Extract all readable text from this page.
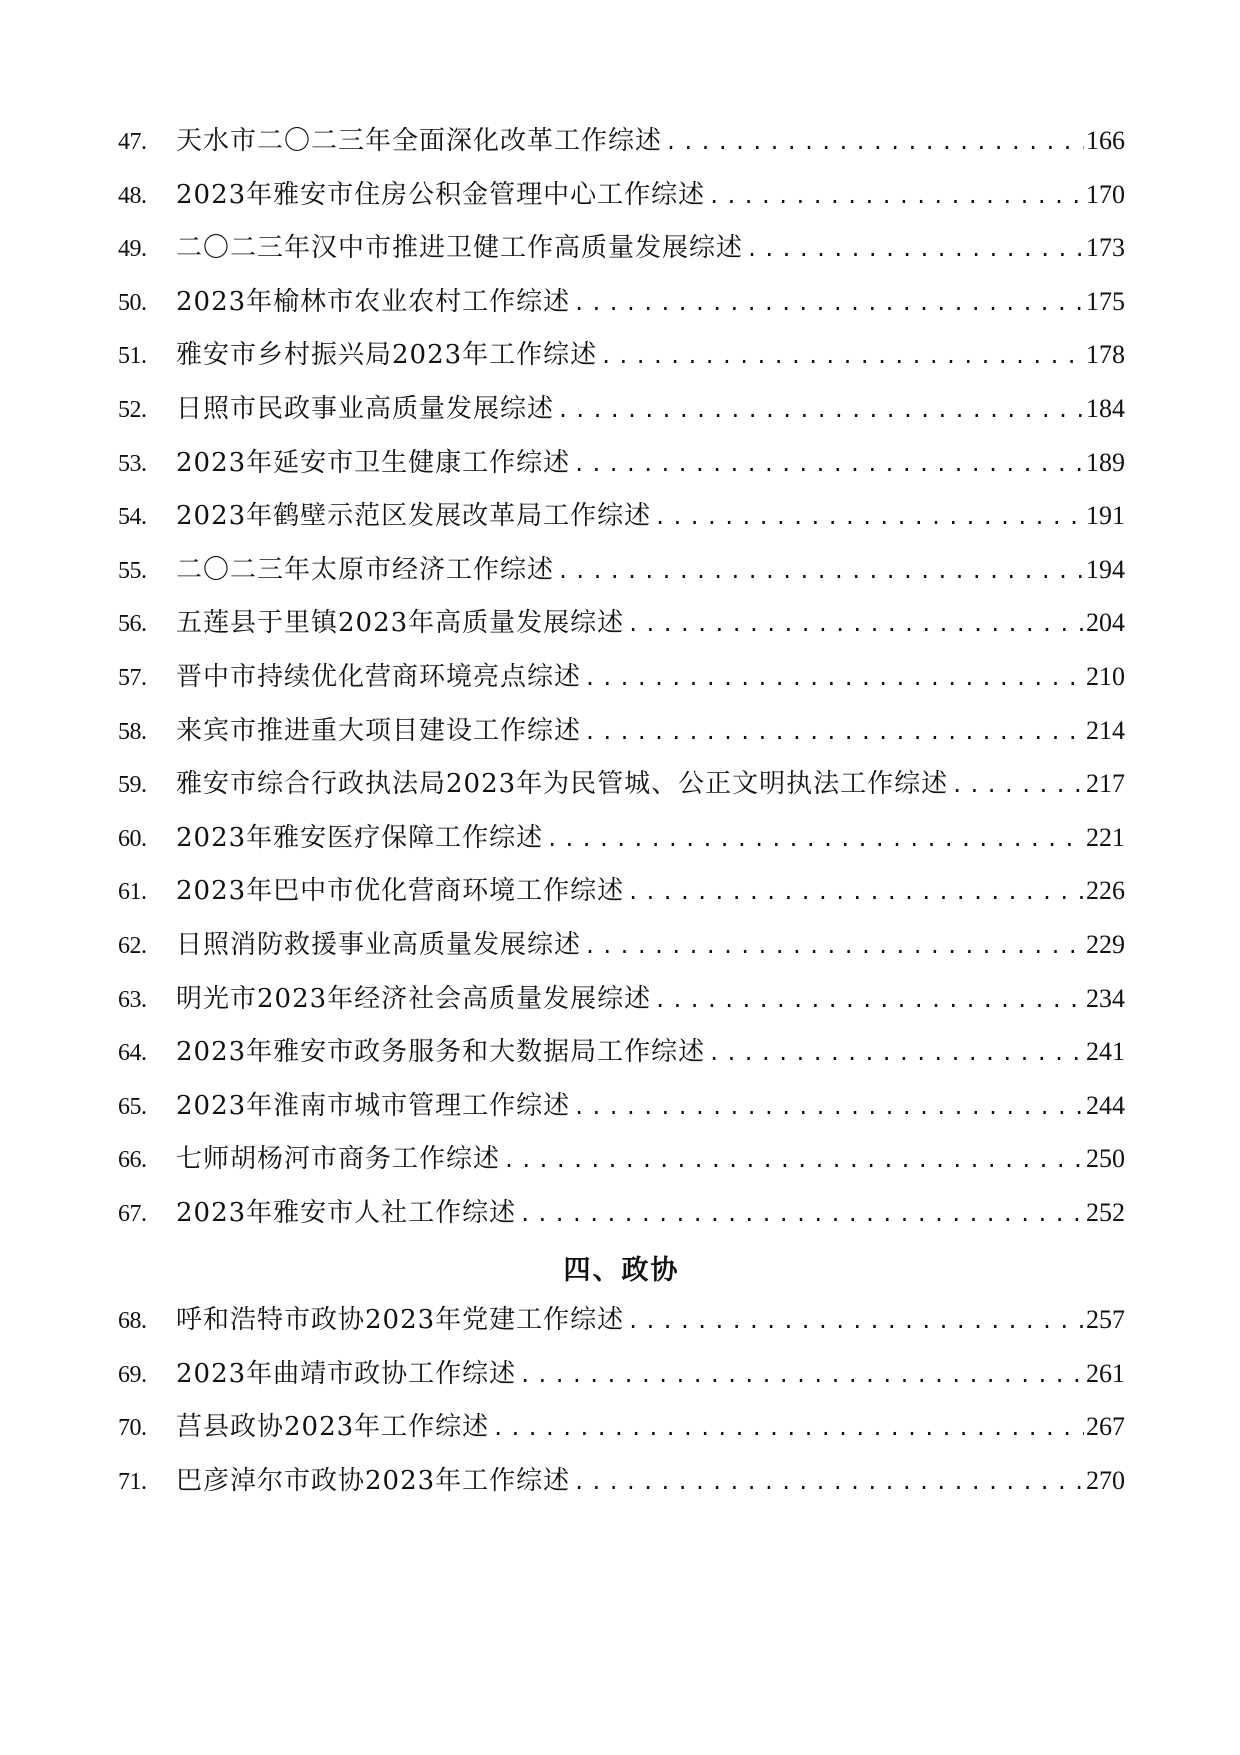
47.	天水市二〇二三年全面深化改革工作综述 .....	166
48.	2023年雅安市住房公积金管理中心工作综述 .....	170
49.	二〇二三年汉中市推进卫健工作高质量发展综述 .....	173
50.	2023年榆林市农业农村工作综述 .....	175
51.	雅安市乡村振兴局2023年工作综述 .....	178
52.	日照市民政事业高质量发展综述 .....	184
53.	2023年延安市卫生健康工作综述 .....	189
54.	2023年鹤壁示范区发展改革局工作综述 .....	191
55.	二〇二三年太原市经济工作综述 .....	194
56.	五莲县于里镇2023年高质量发展综述 .....	204
57.	晋中市持续优化营商环境亮点综述 .....	210
58.	来宾市推进重大项目建设工作综述 .....	214
59.	雅安市综合行政执法局2023年为民管城、公正文明执法工作综述 .....	217
60.	2023年雅安医疗保障工作综述 .....	221
61.	2023年巴中市优化营商环境工作综述 .....	226
62.	日照消防救援事业高质量发展综述 .....	229
63.	明光市2023年经济社会高质量发展综述 .....	234
64.	2023年雅安市政务服务和大数据局工作综述 .....	241
65.	2023年淮南市城市管理工作综述 .....	244
66.	七师胡杨河市商务工作综述 .....	250
67.	2023年雅安市人社工作综述 .....	252
四、政协
68.	呼和浩特市政协2023年党建工作综述 .....	257
69.	2023年曲靖市政协工作综述 .....	261
70.	莒县政协2023年工作综述 .....	267
71.	巴彦淖尔市政协2023年工作综述 .....	270
